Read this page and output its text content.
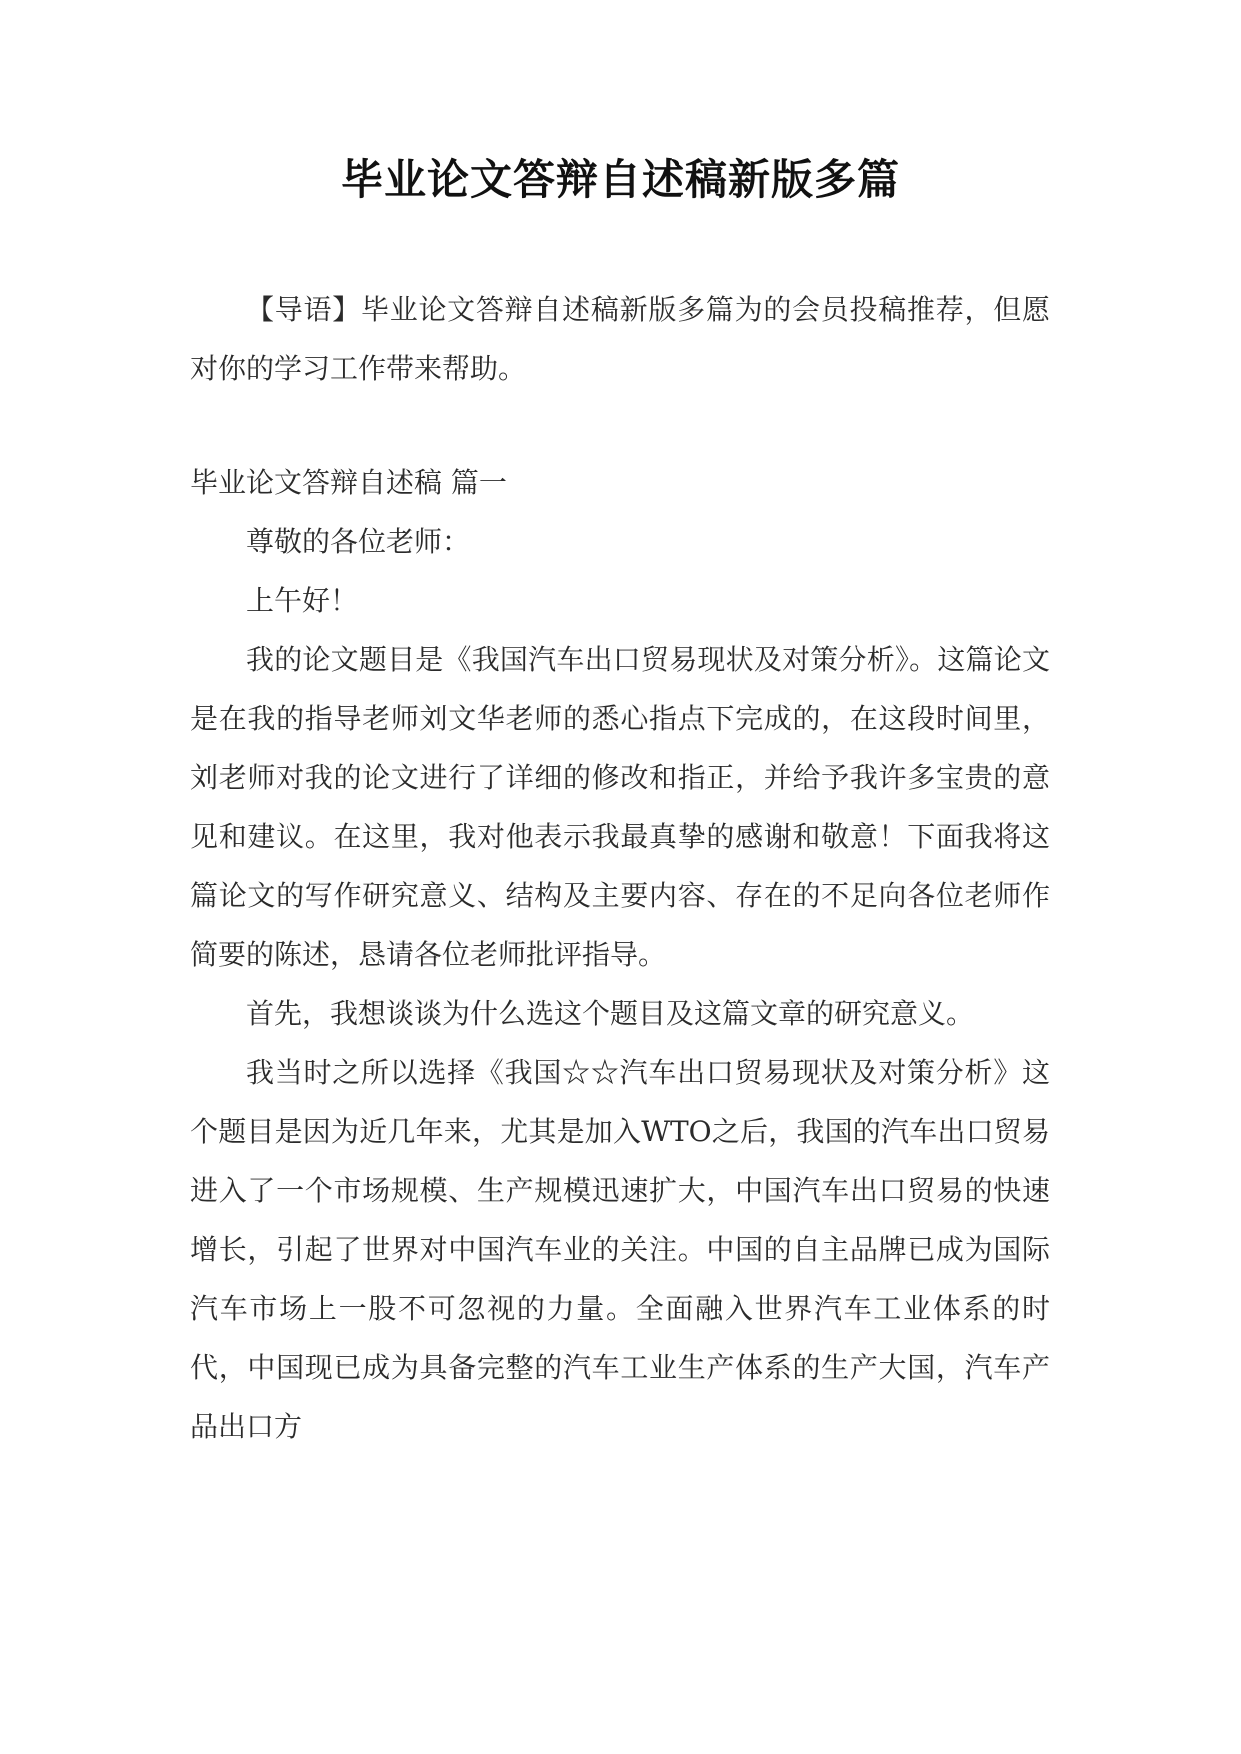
毕业论文答辩自述稿新版多篇

【导语】毕业论文答辩自述稿新版多篇为的会员投稿推荐，但愿对你的学习工作带来帮助。

毕业论文答辩自述稿 篇一

尊敬的各位老师：

上午好！

我的论文题目是《我国汽车出口贸易现状及对策分析》。这篇论文是在我的指导老师刘文华老师的悉心指点下完成的，在这段时间里，刘老师对我的论文进行了详细的修改和指正，并给予我许多宝贵的意见和建议。在这里，我对他表示我最真挚的感谢和敬意！下面我将这篇论文的写作研究意义、结构及主要内容、存在的不足向各位老师作简要的陈述，恳请各位老师批评指导。

首先，我想谈谈为什么选这个题目及这篇文章的研究意义。

我当时之所以选择《我国☆☆汽车出口贸易现状及对策分析》这个题目是因为近几年来，尤其是加入WTO之后，我国的汽车出口贸易进入了一个市场规模、生产规模迅速扩大，中国汽车出口贸易的快速增长，引起了世界对中国汽车业的关注。中国的自主品牌已成为国际汽车市场上一股不可忽视的力量。全面融入世界汽车工业体系的时代，中国现已成为具备完整的汽车工业生产体系的生产大国，汽车产品出口方
